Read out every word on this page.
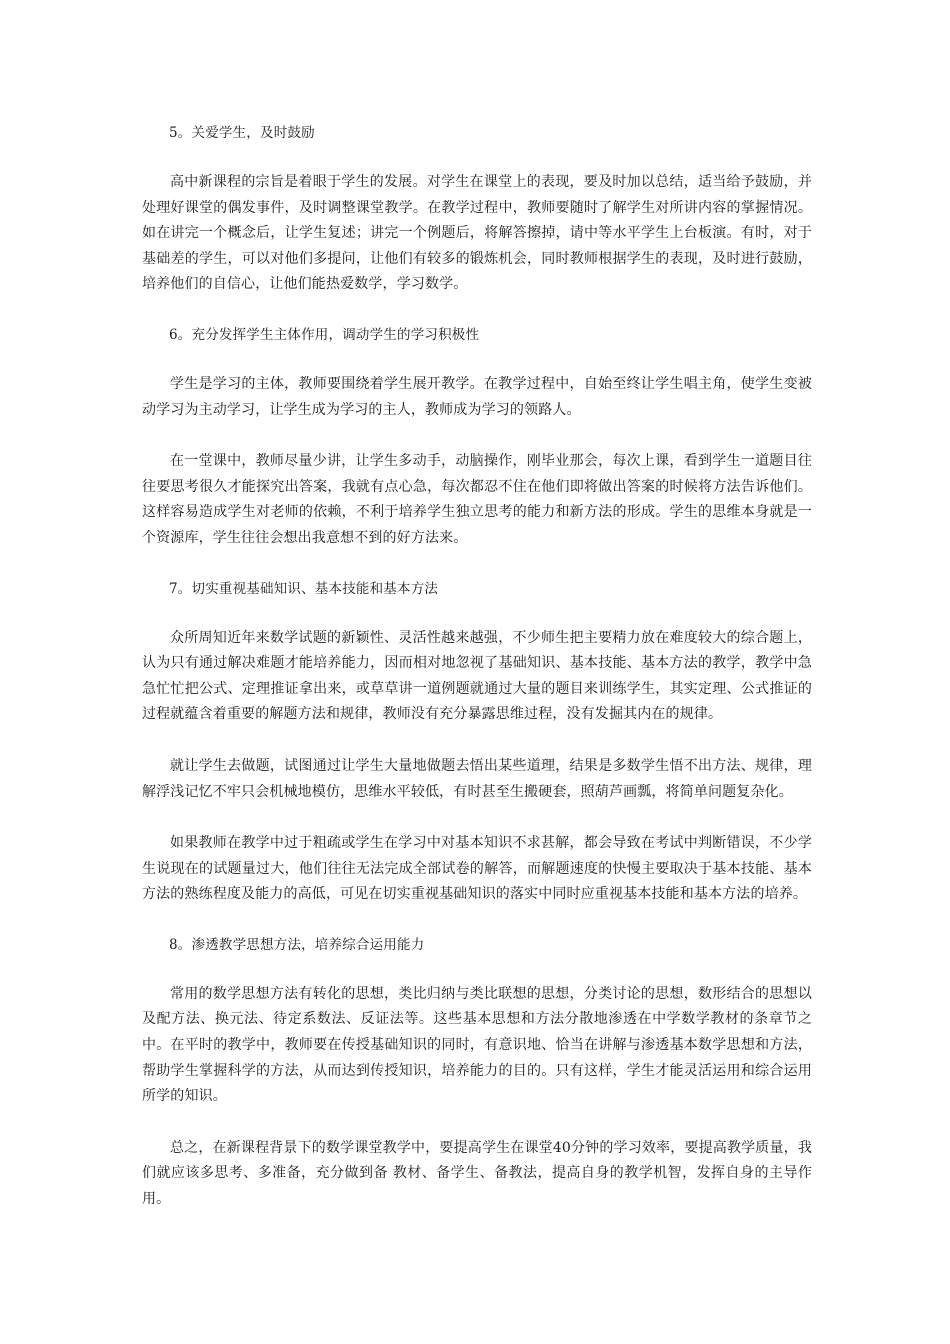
5。关爱学生，及时鼓励

高中新课程的宗旨是着眼于学生的发展。对学生在课堂上的表现，要及时加以总结，适当给予鼓励，并处理好课堂的偶发事件，及时调整课堂教学。在教学过程中，教师要随时了解学生对所讲内容的掌握情况。如在讲完一个概念后，让学生复述；讲完一个例题后，将解答擦掉，请中等水平学生上台板演。有时，对于基础差的学生，可以对他们多提问，让他们有较多的锻炼机会，同时教师根据学生的表现，及时进行鼓励，培养他们的自信心，让他们能热爱数学，学习数学。

6。充分发挥学生主体作用，调动学生的学习积极性

学生是学习的主体，教师要围绕着学生展开教学。在教学过程中，自始至终让学生唱主角，使学生变被动学习为主动学习，让学生成为学习的主人，教师成为学习的领路人。

在一堂课中，教师尽量少讲，让学生多动手，动脑操作，刚毕业那会，每次上课，看到学生一道题目往往要思考很久才能探究出答案，我就有点心急，每次都忍不住在他们即将做出答案的时候将方法告诉他们。这样容易造成学生对老师的依赖，不利于培养学生独立思考的能力和新方法的形成。学生的思维本身就是一个资源库，学生往往会想出我意想不到的好方法来。

7。切实重视基础知识、基本技能和基本方法

众所周知近年来数学试题的新颖性、灵活性越来越强，不少师生把主要精力放在难度较大的综合题上，认为只有通过解决难题才能培养能力，因而相对地忽视了基础知识、基本技能、基本方法的教学，教学中急急忙忙把公式、定理推证拿出来，或草草讲一道例题就通过大量的题目来训练学生，其实定理、公式推证的过程就蕴含着重要的解题方法和规律，教师没有充分暴露思维过程，没有发掘其内在的规律。

就让学生去做题，试图通过让学生大量地做题去悟出某些道理，结果是多数学生悟不出方法、规律，理解浮浅记忆不牢只会机械地模仿，思维水平较低，有时甚至生搬硬套，照葫芦画瓢，将简单问题复杂化。

如果教师在教学中过于粗疏或学生在学习中对基本知识不求甚解，都会导致在考试中判断错误，不少学生说现在的试题量过大，他们往往无法完成全部试卷的解答，而解题速度的快慢主要取决于基本技能、基本方法的熟练程度及能力的高低，可见在切实重视基础知识的落实中同时应重视基本技能和基本方法的培养。

8。渗透教学思想方法，培养综合运用能力

常用的数学思想方法有转化的思想，类比归纳与类比联想的思想，分类讨论的思想，数形结合的思想以及配方法、换元法、待定系数法、反证法等。这些基本思想和方法分散地渗透在中学数学教材的条章节之中。在平时的教学中，教师要在传授基础知识的同时，有意识地、恰当在讲解与渗透基本数学思想和方法，帮助学生掌握科学的方法，从而达到传授知识，培养能力的目的。只有这样，学生才能灵活运用和综合运用所学的知识。

总之，在新课程背景下的数学课堂教学中，要提高学生在课堂40分钟的学习效率，要提高教学质量，我们就应该多思考、多准备，充分做到备 教材、备学生、备教法，提高自身的教学机智，发挥自身的主导作用。
